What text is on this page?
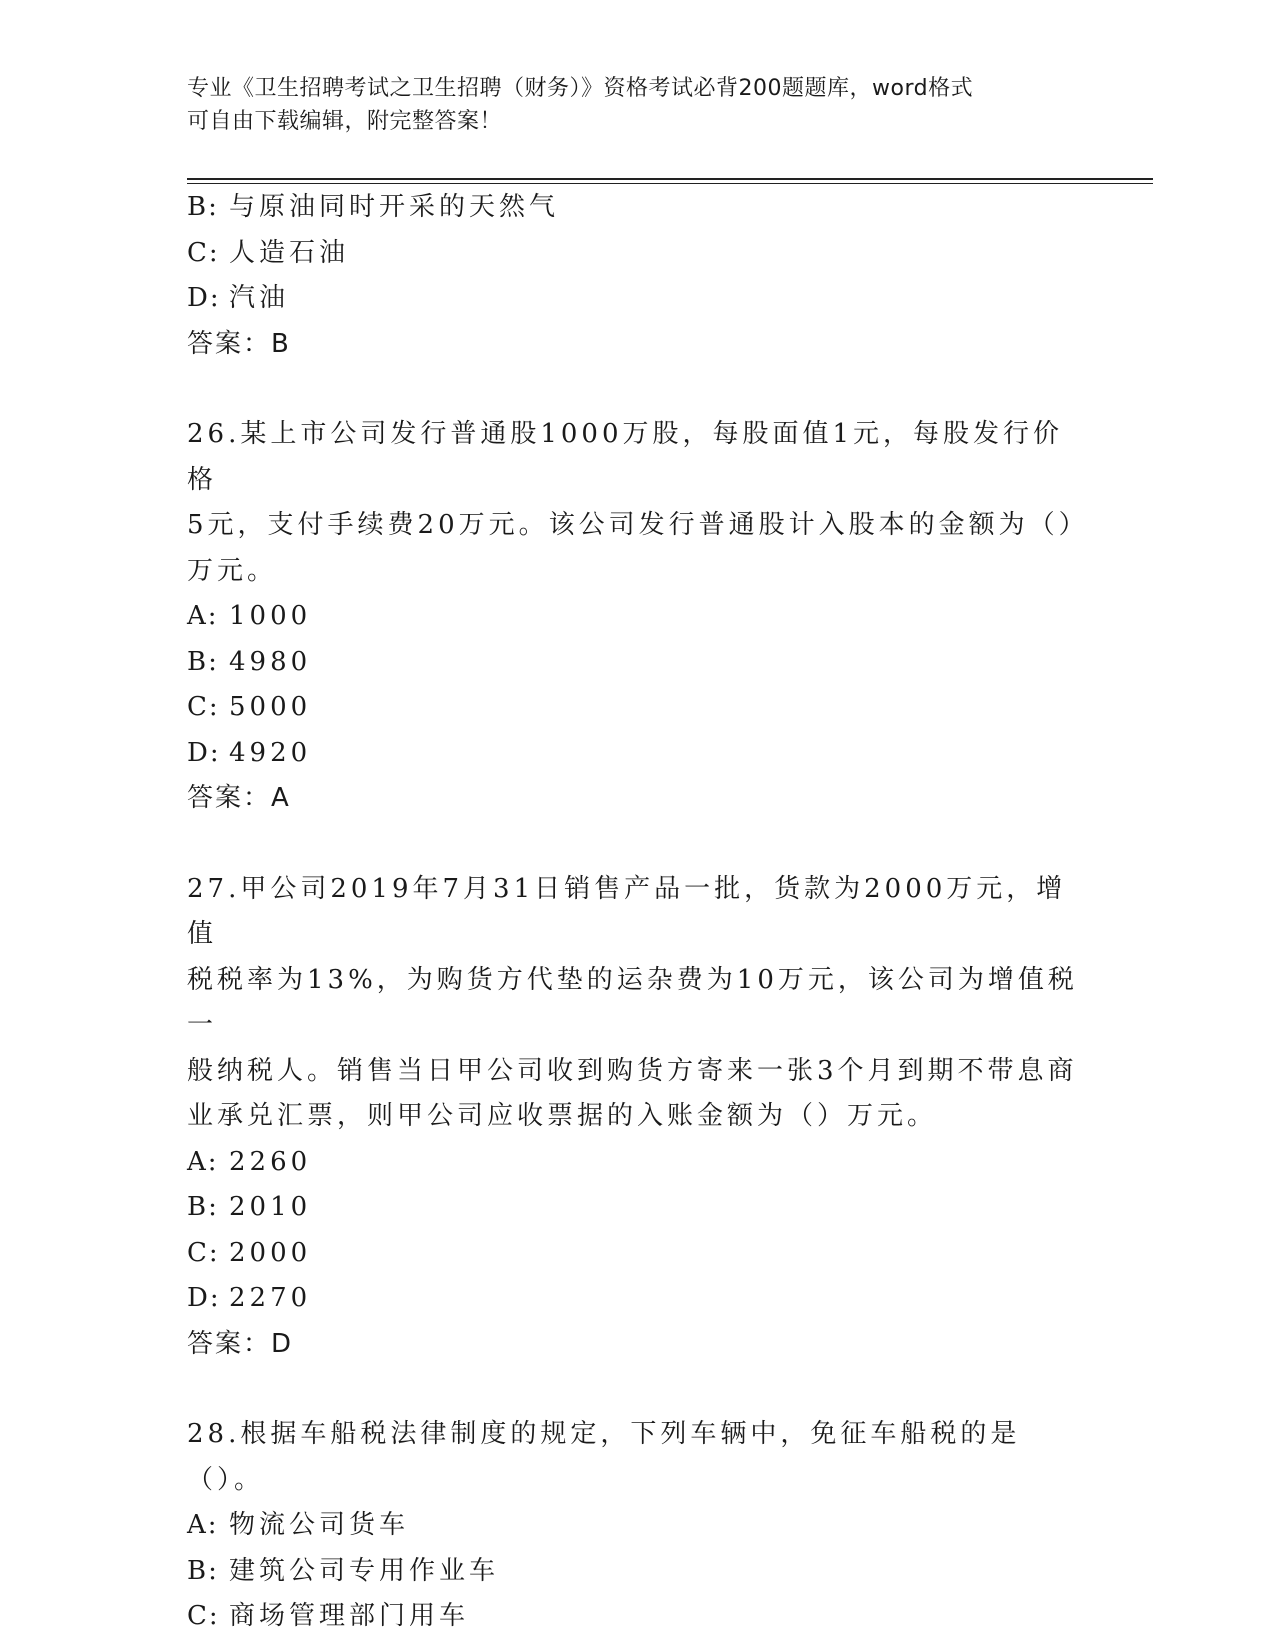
专业《卫生招聘考试之卫生招聘（财务）》资格考试必背200题题库，word格式
可自由下载编辑，附完整答案！
B: 与原油同时开采的天然气
C: 人造石油
D: 汽油
答案：B
26.某上市公司发行普通股1000万股，每股面值1元，每股发行价格
5元，支付手续费20万元。该公司发行普通股计入股本的金额为（）
万元。
A: 1000
B: 4980
C: 5000
D: 4920
答案：A
27.甲公司2019年7月31日销售产品一批，货款为2000万元，增值
税税率为13%，为购货方代垫的运杂费为10万元，该公司为增值税一
般纳税人。销售当日甲公司收到购货方寄来一张3个月到期不带息商
业承兑汇票，则甲公司应收票据的入账金额为（）万元。
A: 2260
B: 2010
C: 2000
D: 2270
答案：D
28.根据车船税法律制度的规定，下列车辆中，免征车船税的是（）。
A: 物流公司货车
B: 建筑公司专用作业车
C: 商场管理部门用车
